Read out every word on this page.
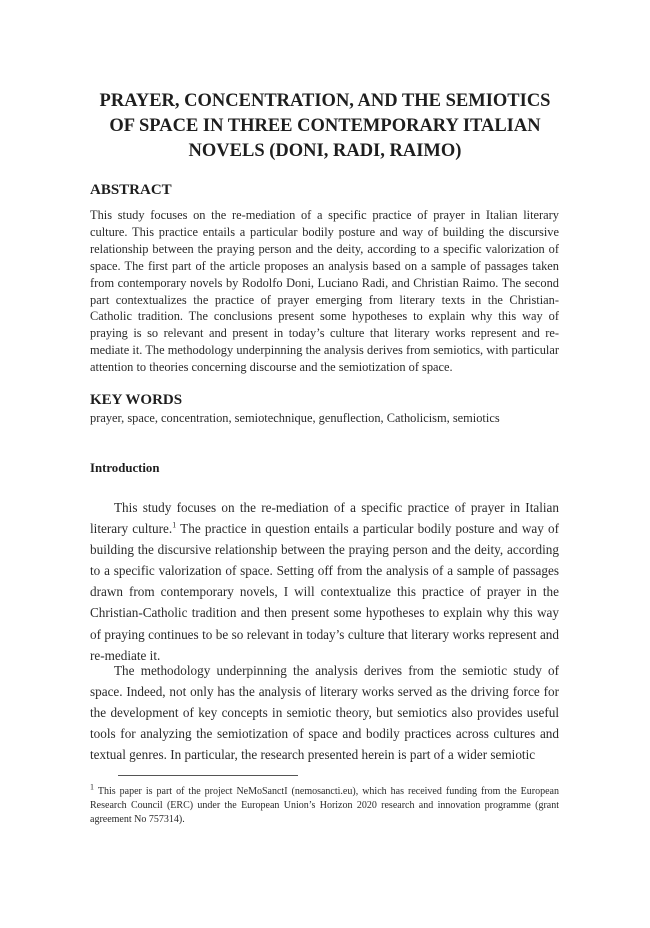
PRAYER, CONCENTRATION, AND THE SEMIOTICS
OF SPACE IN THREE CONTEMPORARY ITALIAN
NOVELS (DONI, RADI, RAIMO)
ABSTRACT
This study focuses on the re-mediation of a specific practice of prayer in Italian literary culture. This practice entails a particular bodily posture and way of building the discursive relationship between the praying person and the deity, according to a specific valorization of space. The first part of the article proposes an analysis based on a sample of passages taken from contemporary novels by Rodolfo Doni, Luciano Radi, and Christian Raimo. The second part contextualizes the practice of prayer emerging from literary texts in the Christian-Catholic tradition. The conclusions present some hypotheses to explain why this way of praying is so relevant and present in today’s culture that literary works represent and re-mediate it. The methodology underpinning the analysis derives from semiotics, with particular attention to theories concerning discourse and the semiotization of space.
KEY WORDS
prayer, space, concentration, semiotechnique, genuflection, Catholicism, semiotics
Introduction
This study focuses on the re-mediation of a specific practice of prayer in Italian literary culture.$^1$ The practice in question entails a particular bodily posture and way of building the discursive relationship between the praying person and the deity, according to a specific valorization of space. Setting off from the analysis of a sample of passages drawn from contemporary novels, I will contextualize this practice of prayer in the Christian-Catholic tradition and then present some hypotheses to explain why this way of praying continues to be so relevant in today’s culture that literary works represent and re-mediate it.
The methodology underpinning the analysis derives from the semiotic study of space. Indeed, not only has the analysis of literary works served as the driving force for the development of key concepts in semiotic theory, but semiotics also provides useful tools for analyzing the semiotization of space and bodily practices across cultures and textual genres. In particular, the research presented herein is part of a wider semiotic
$^1$ This paper is part of the project NeMoSanctI (nemosancti.eu), which has received funding from the European Research Council (ERC) under the European Union’s Horizon 2020 research and innovation programme (grant agreement No 757314).
